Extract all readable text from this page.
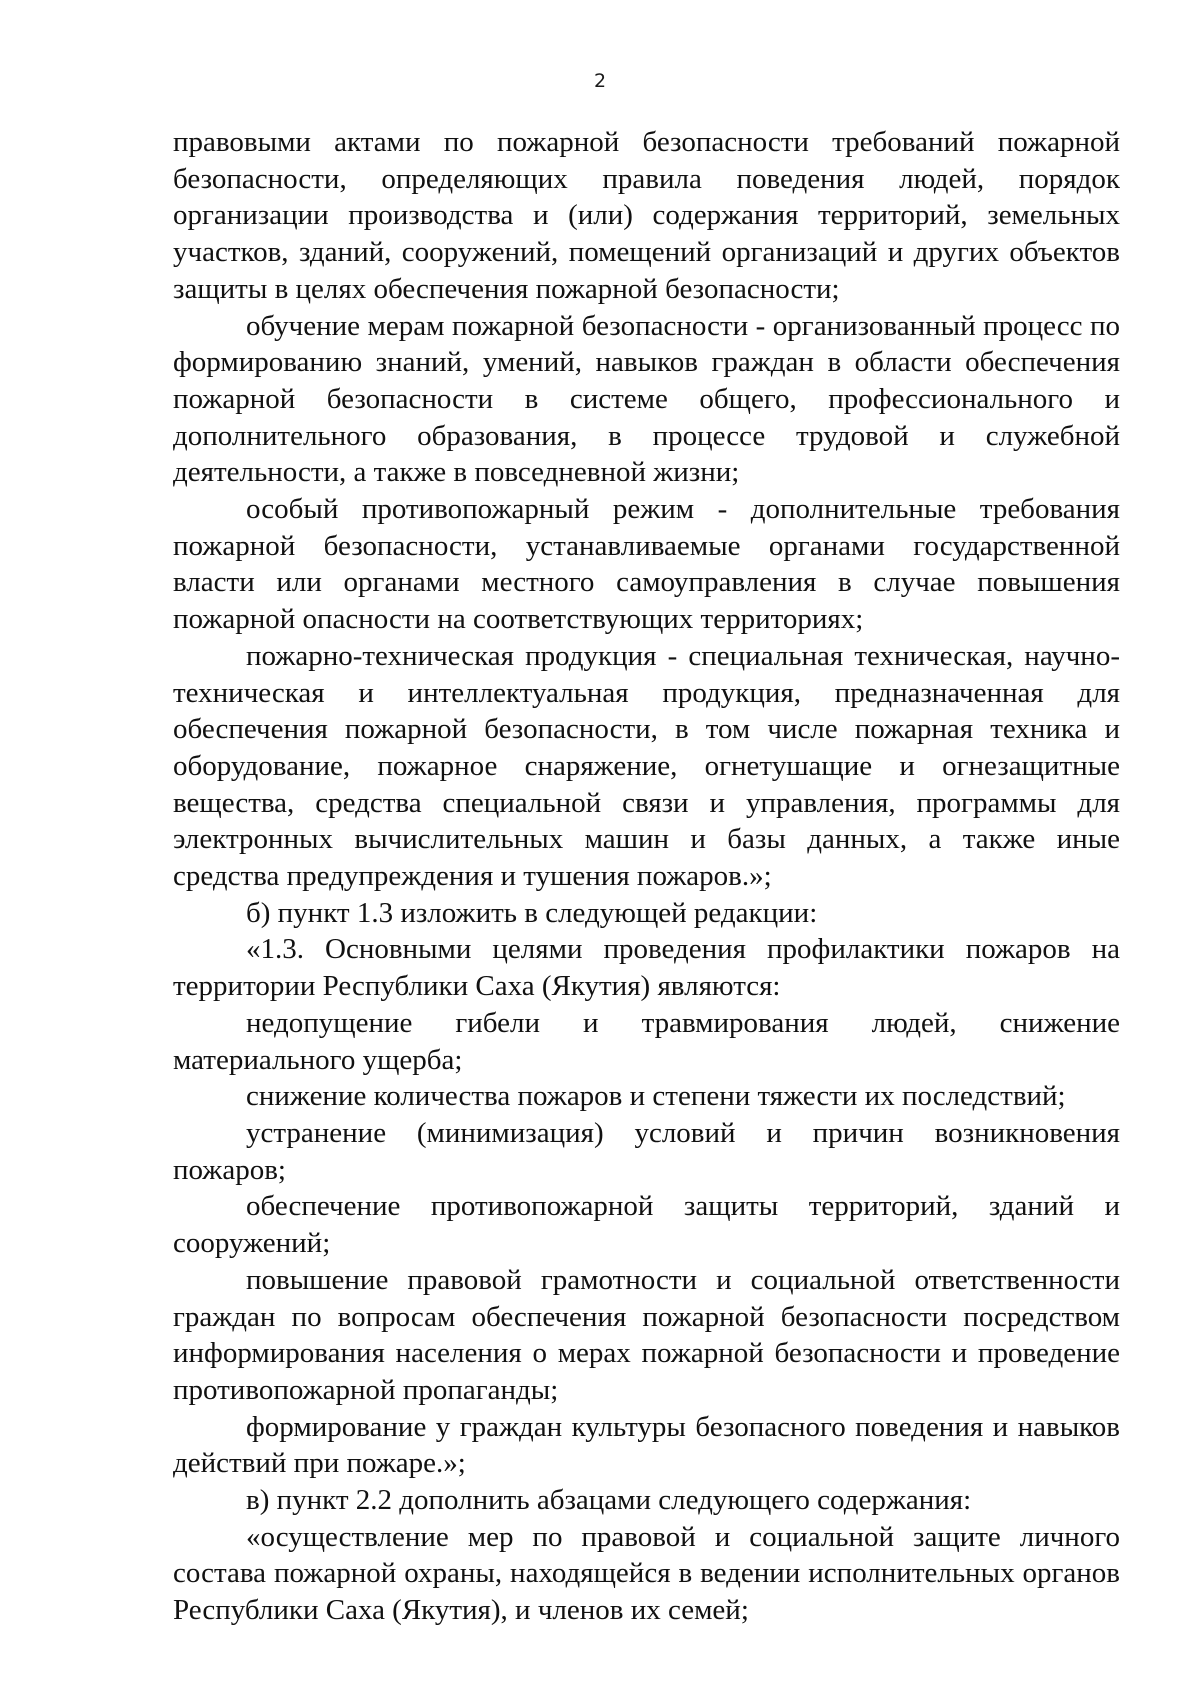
2

правовыми актами по пожарной безопасности требований пожарной безопасности, определяющих правила поведения людей, порядок организации производства и (или) содержания территорий, земельных участков, зданий, сооружений, помещений организаций и других объектов защиты в целях обеспечения пожарной безопасности;

обучение мерам пожарной безопасности - организованный процесс по формированию знаний, умений, навыков граждан в области обеспечения пожарной безопасности в системе общего, профессионального и дополнительного образования, в процессе трудовой и служебной деятельности, а также в повседневной жизни;

особый противопожарный режим - дополнительные требования пожарной безопасности, устанавливаемые органами государственной власти или органами местного самоуправления в случае повышения пожарной опасности на соответствующих территориях;

пожарно-техническая продукция - специальная техническая, научно-техническая и интеллектуальная продукция, предназначенная для обеспечения пожарной безопасности, в том числе пожарная техника и оборудование, пожарное снаряжение, огнетушащие и огнезащитные вещества, средства специальной связи и управления, программы для электронных вычислительных машин и базы данных, а также иные средства предупреждения и тушения пожаров.»;

б) пункт 1.3 изложить в следующей редакции:

«1.3. Основными целями проведения профилактики пожаров на территории Республики Саха (Якутия) являются:

недопущение гибели и травмирования людей, снижение материального ущерба;

снижение количества пожаров и степени тяжести их последствий;

устранение (минимизация) условий и причин возникновения пожаров;

обеспечение противопожарной защиты территорий, зданий и сооружений;

повышение правовой грамотности и социальной ответственности граждан по вопросам обеспечения пожарной безопасности посредством информирования населения о мерах пожарной безопасности и проведение противопожарной пропаганды;

формирование у граждан культуры безопасного поведения и навыков действий при пожаре.»;

в) пункт 2.2 дополнить абзацами следующего содержания:

«осуществление мер по правовой и социальной защите личного состава пожарной охраны, находящейся в ведении исполнительных органов Республики Саха (Якутия), и членов их семей;
